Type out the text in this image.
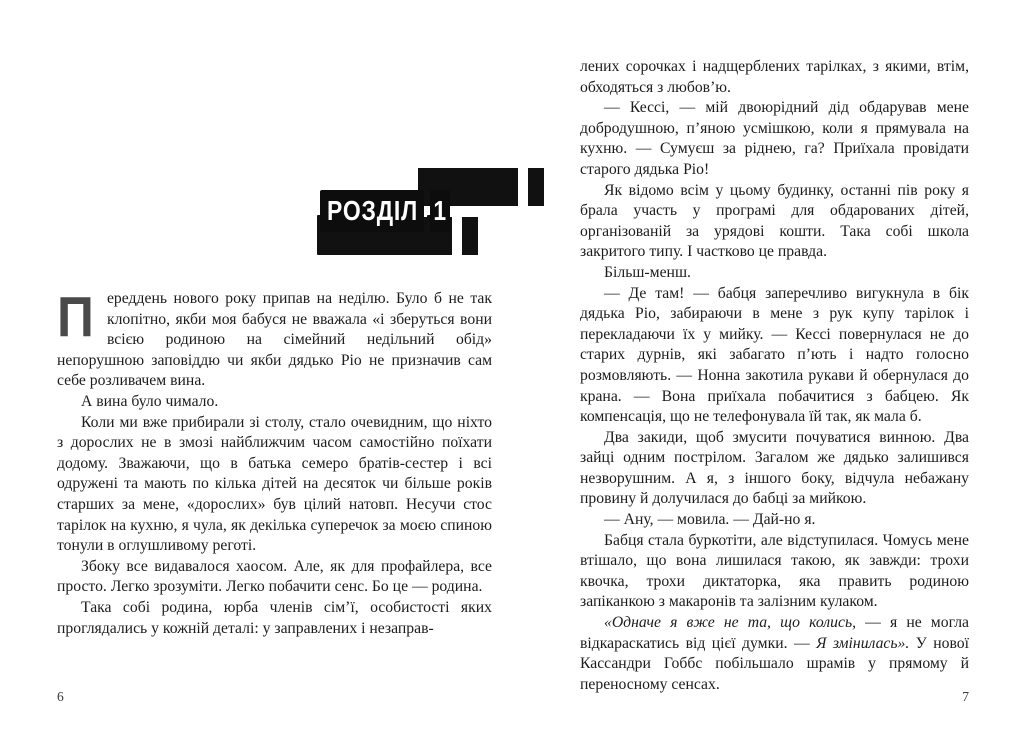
РОЗДІЛ 1

Переддень нового року припав на неділю. Було б не так клопітно, якби моя бабуся не вважала «і зберуться вони всією родиною на сімейний недільний обід» непорушною заповіддю чи якби дядько Ріо не призначив сам себе розливачем вина.

А вина було чимало.

Коли ми вже прибирали зі столу, стало очевидним, що ніхто з дорослих не в змозі найближчим часом самостійно поїхати додому. Зважаючи, що в батька семеро братів-сестер і всі одружені та мають по кілька дітей на десяток чи більше років старших за мене, «дорослих» був цілий натовп. Несучи стос тарілок на кухню, я чула, як декілька суперечок за моєю спиною тонули в оглушливому реготі.

Збоку все видавалося хаосом. Але, як для профайлера, все просто. Легко зрозуміти. Легко побачити сенс. Бо це — родина.

Така собі родина, юрба членів сім’ї, особистості яких проглядались у кожній деталі: у заправлених і незаправ-

6

лених сорочках і надщерблених тарілках, з якими, втім, обходяться з любов’ю.

— Кессі, — мій двоюрідний дід обдарував мене добродушною, п’яною усмішкою, коли я прямувала на кухню. — Сумуєш за ріднею, га? Приїхала провідати старого дядька Ріо!

Як відомо всім у цьому будинку, останні пів року я брала участь у програмі для обдарованих дітей, організованій за урядові кошти. Така собі школа закритого типу. І частково це правда.

Більш-менш.

— Де там! — бабця заперечливо вигукнула в бік дядька Ріо, забираючи в мене з рук купу тарілок і перекладаючи їх у мийку. — Кессі повернулася не до старих дурнів, які забагато п’ють і надто голосно розмовляють. — Нонна закотила рукави й обернулася до крана. — Вона приїхала побачитися з бабцею. Як компенсація, що не телефонувала їй так, як мала б.

Два закиди, щоб змусити почуватися винною. Два зайці одним пострілом. Загалом же дядько залишився незворушним. А я, з іншого боку, відчула небажану провину й долучилася до бабці за мийкою.

— Ану, — мовила. — Дай-но я.

Бабця стала буркотіти, але відступилася. Чомусь мене втішало, що вона лишилася такою, як завжди: трохи квочка, трохи диктаторка, яка править родиною запіканкою з макаронів та залізним кулаком.

«Одначе я вже не та, що колись, — я не могла відкараскатись від цієї думки. — Я змінилась». У нової Кассандри Гоббс побільшало шрамів у прямому й переносному сенсах.

7
